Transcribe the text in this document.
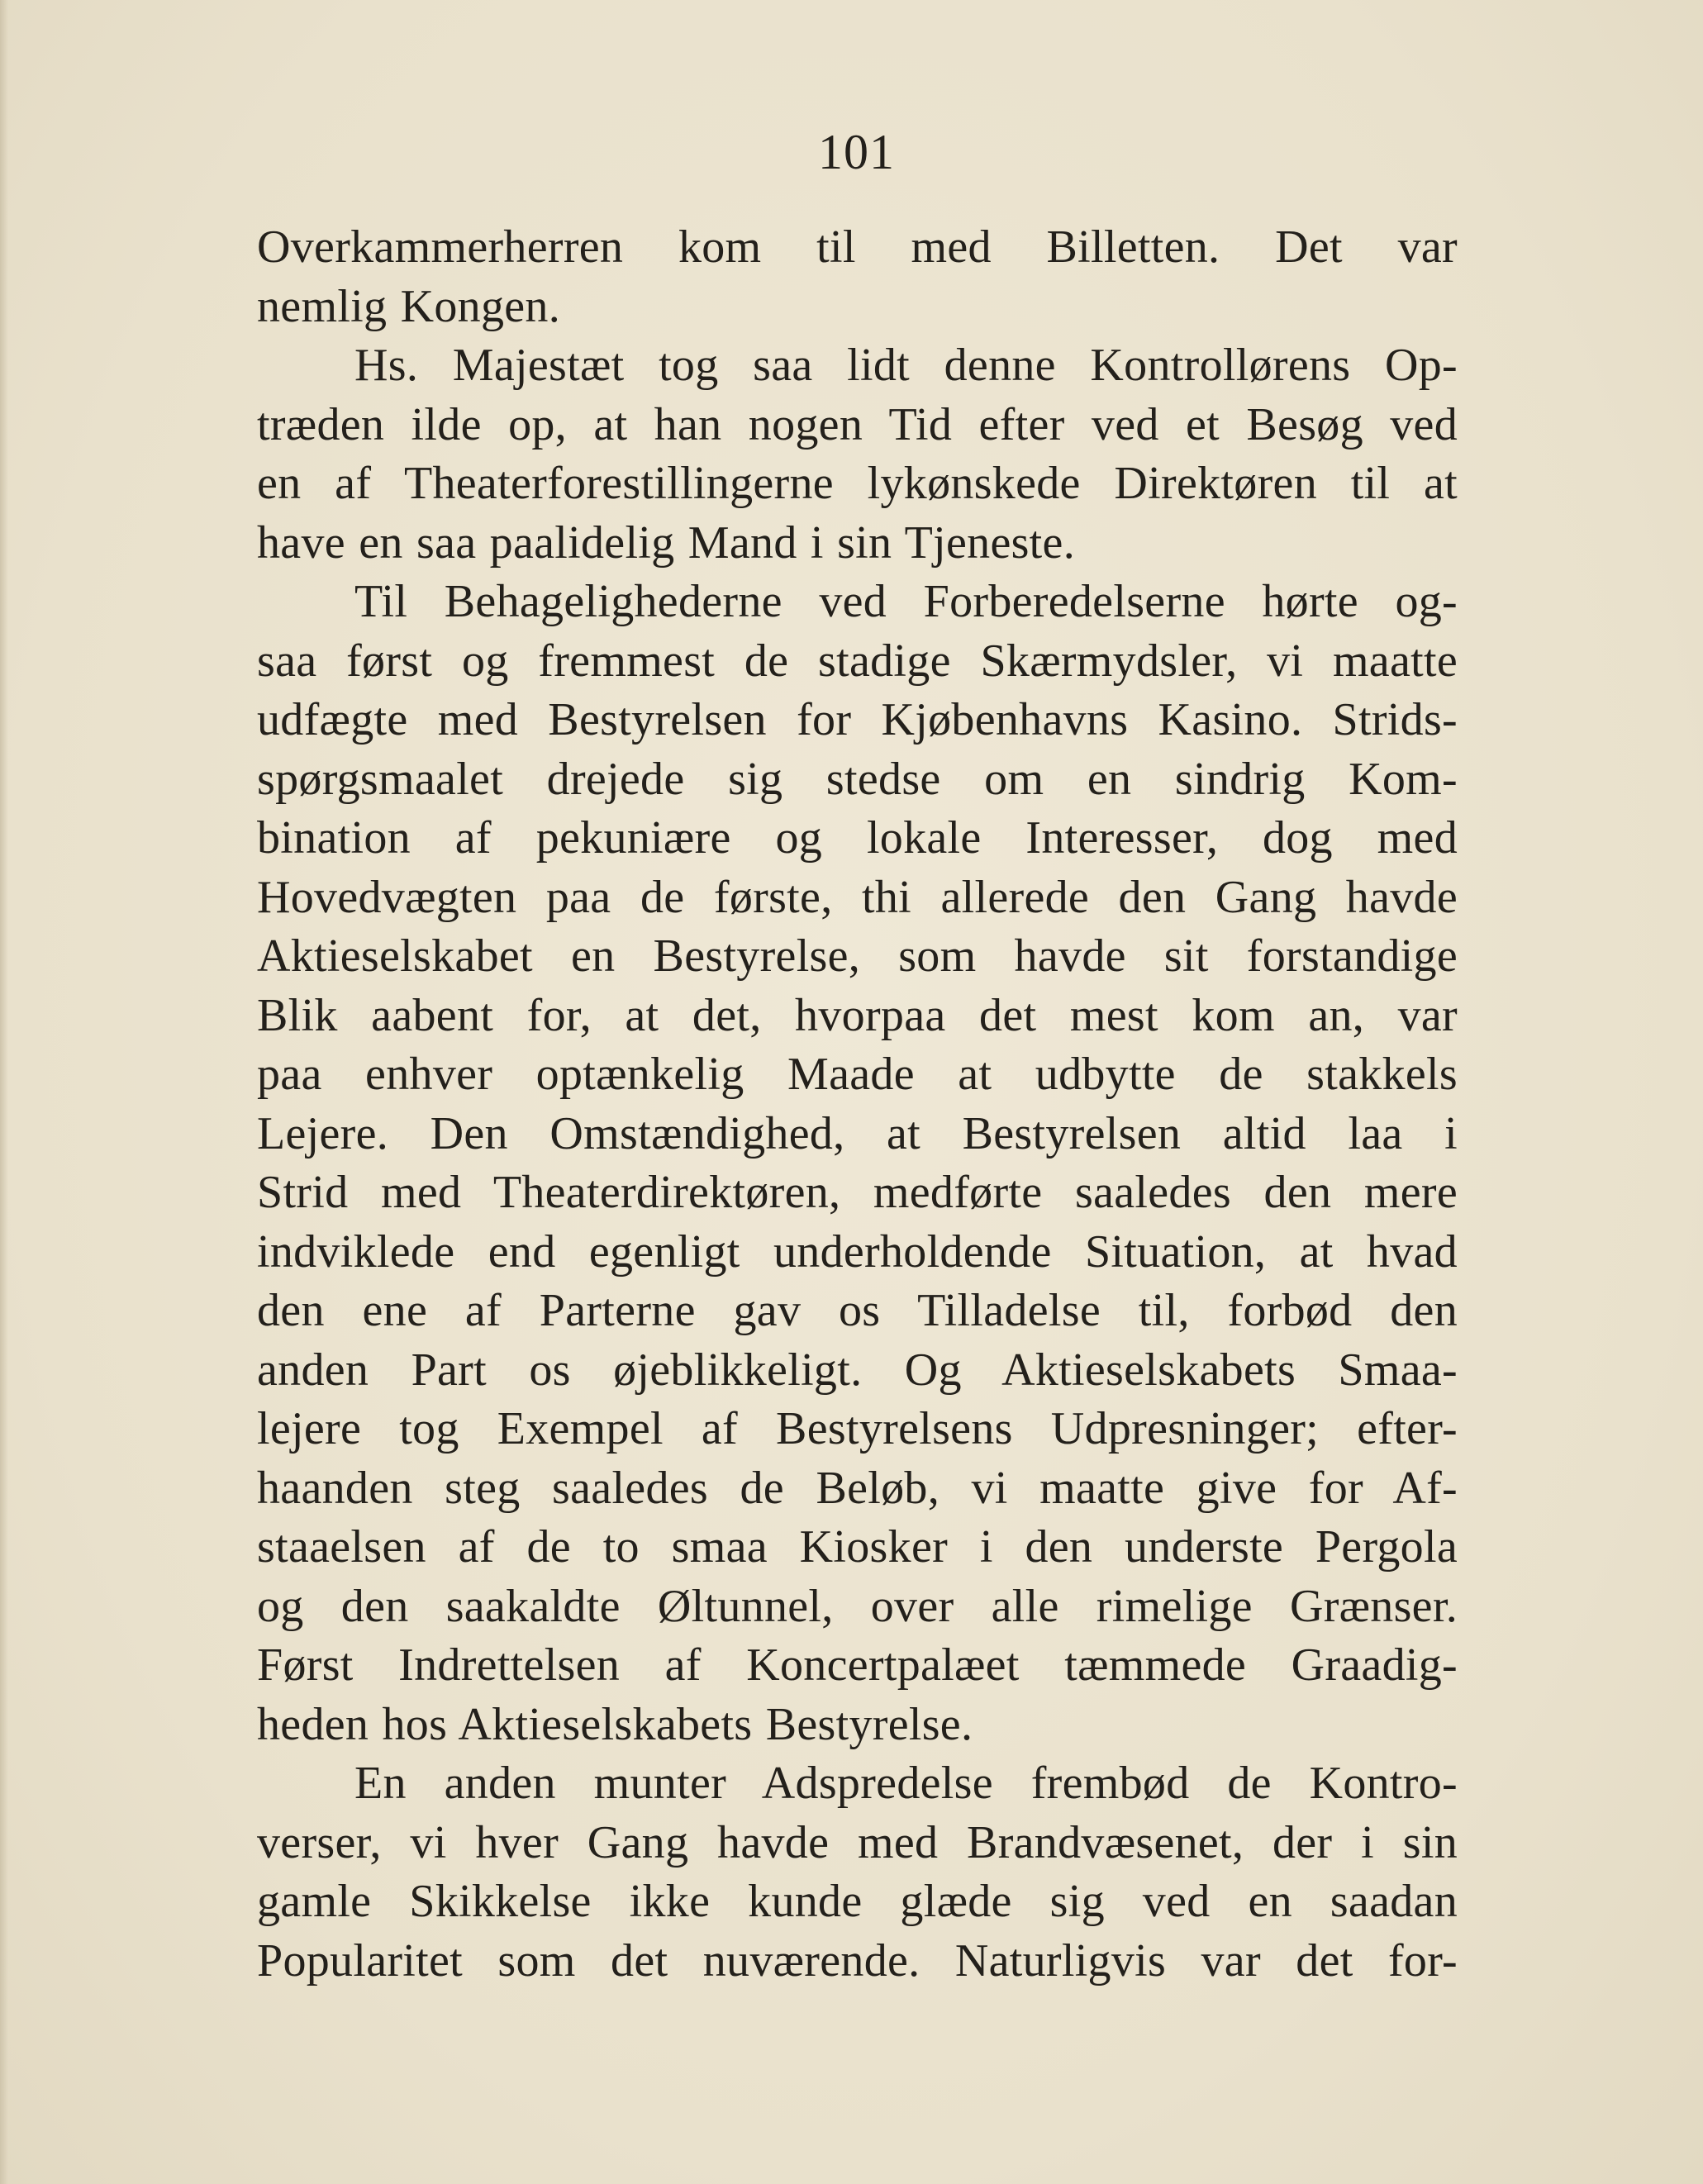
101
Overkammerherren kom til med Billetten. Det var
nemlig Kongen.
Hs. Majestæt tog saa lidt denne Kontrollørens Op-
træden ilde op, at han nogen Tid efter ved et Besøg ved
en af Theaterforestillingerne lykønskede Direktøren til at
have en saa paalidelig Mand i sin Tjeneste.
Til Behagelighederne ved Forberedelserne hørte og-
saa først og fremmest de stadige Skærmydsler, vi maatte
udfægte med Bestyrelsen for Kjøbenhavns Kasino. Strids-
spørgsmaalet drejede sig stedse om en sindrig Kom-
bination af pekuniære og lokale Interesser, dog med
Hovedvægten paa de første, thi allerede den Gang havde
Aktieselskabet en Bestyrelse, som havde sit forstandige
Blik aabent for, at det, hvorpaa det mest kom an, var
paa enhver optænkelig Maade at udbytte de stakkels
Lejere. Den Omstændighed, at Bestyrelsen altid laa i
Strid med Theaterdirektøren, medførte saaledes den mere
indviklede end egenligt underholdende Situation, at hvad
den ene af Parterne gav os Tilladelse til, forbød den
anden Part os øjeblikkeligt. Og Aktieselskabets Smaa-
lejere tog Exempel af Bestyrelsens Udpresninger; efter-
haanden steg saaledes de Beløb, vi maatte give for Af-
staaelsen af de to smaa Kiosker i den underste Pergola
og den saakaldte Øltunnel, over alle rimelige Grænser.
Først Indrettelsen af Koncertpalæet tæmmede Graadig-
heden hos Aktieselskabets Bestyrelse.
En anden munter Adspredelse frembød de Kontro-
verser, vi hver Gang havde med Brandvæsenet, der i sin
gamle Skikkelse ikke kunde glæde sig ved en saadan
Popularitet som det nuværende. Naturligvis var det for-
